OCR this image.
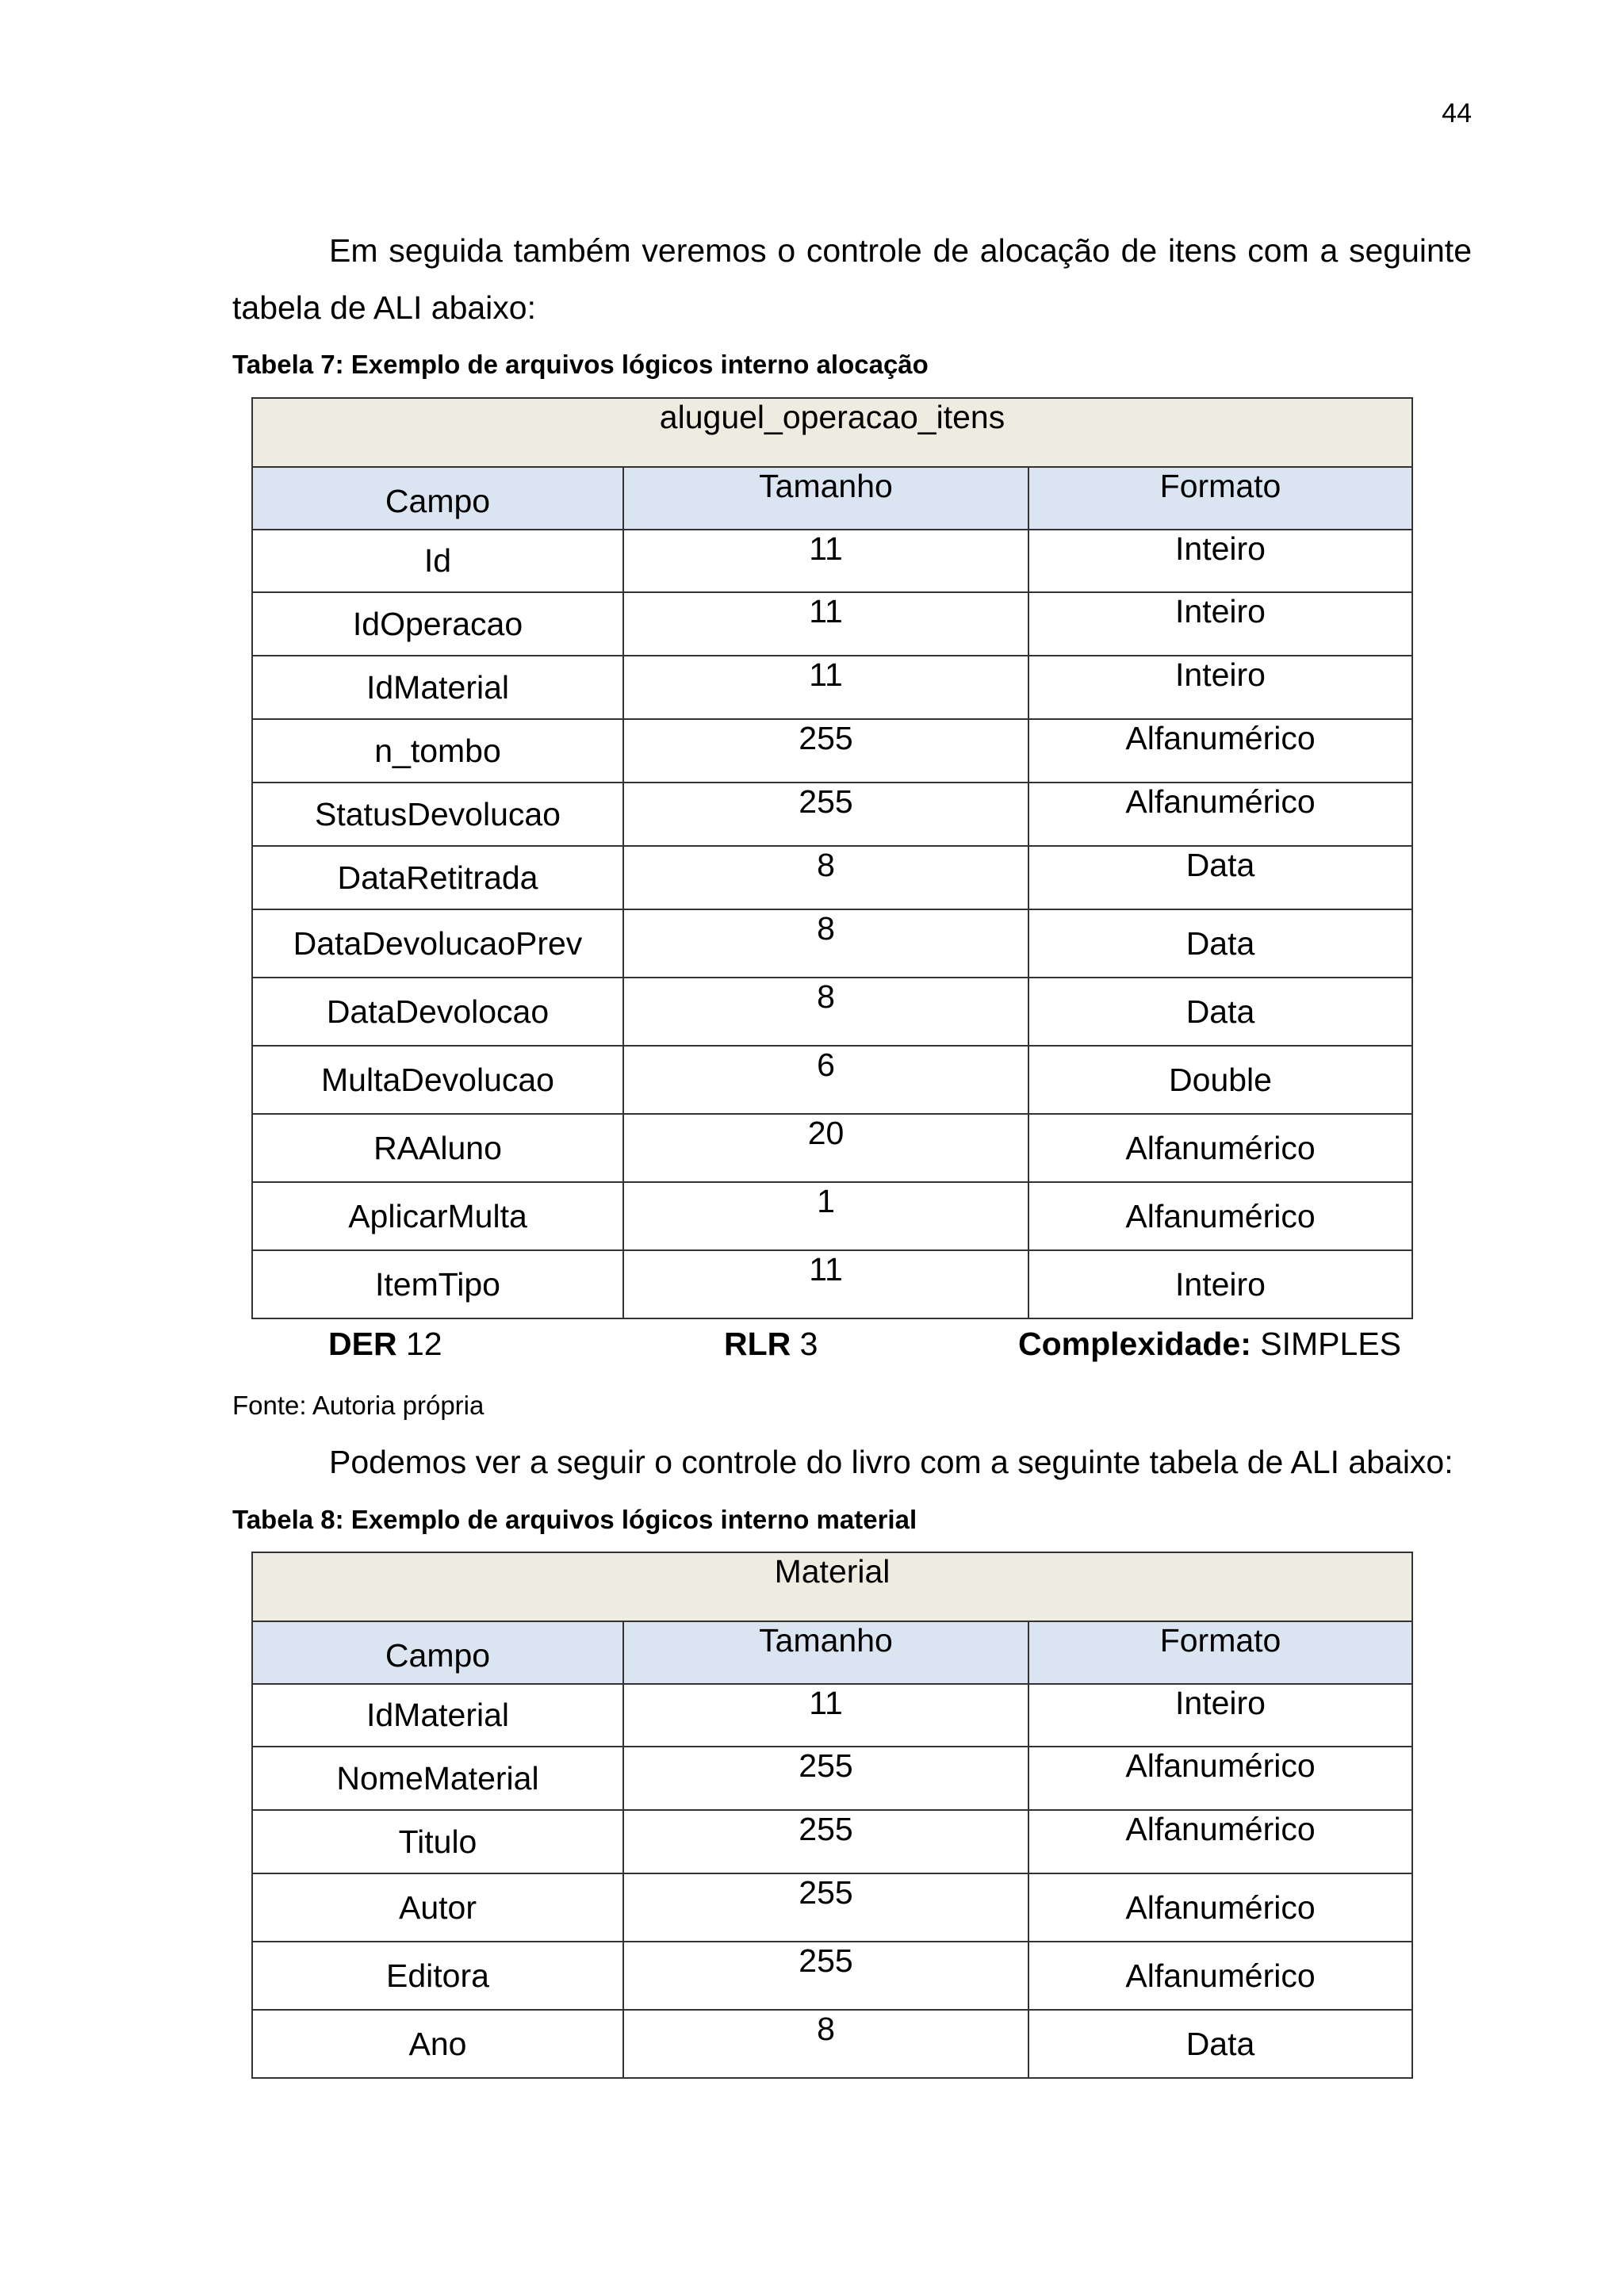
44

Em seguida também veremos o controle de alocação de itens com a seguinte tabela de ALI abaixo:

Tabela 7: Exemplo de arquivos lógicos interno alocação
aluguel_operacao_itens		
Campo	Tamanho	Formato
Id	11	Inteiro
IdOperacao	11	Inteiro
IdMaterial	11	Inteiro
n_tombo	255	Alfanumérico
StatusDevolucao	255	Alfanumérico
DataRetitrada	8	Data
DataDevolucaoPrev	8	Data
DataDevolocao	8	Data
MultaDevolucao	6	Double
RAAluno	20	Alfanumérico
AplicarMulta	1	Alfanumérico
ItemTipo	11	Inteiro
DER 12	RLR 3	Complexidade: SIMPLES
Fonte: Autoria própria

Podemos ver a seguir o controle do livro com a seguinte tabela de ALI abaixo:

Tabela 8: Exemplo de arquivos lógicos interno material
Material		
Campo	Tamanho	Formato
IdMaterial	11	Inteiro
NomeMaterial	255	Alfanumérico
Titulo	255	Alfanumérico
Autor	255	Alfanumérico
Editora	255	Alfanumérico
Ano	8	Data
